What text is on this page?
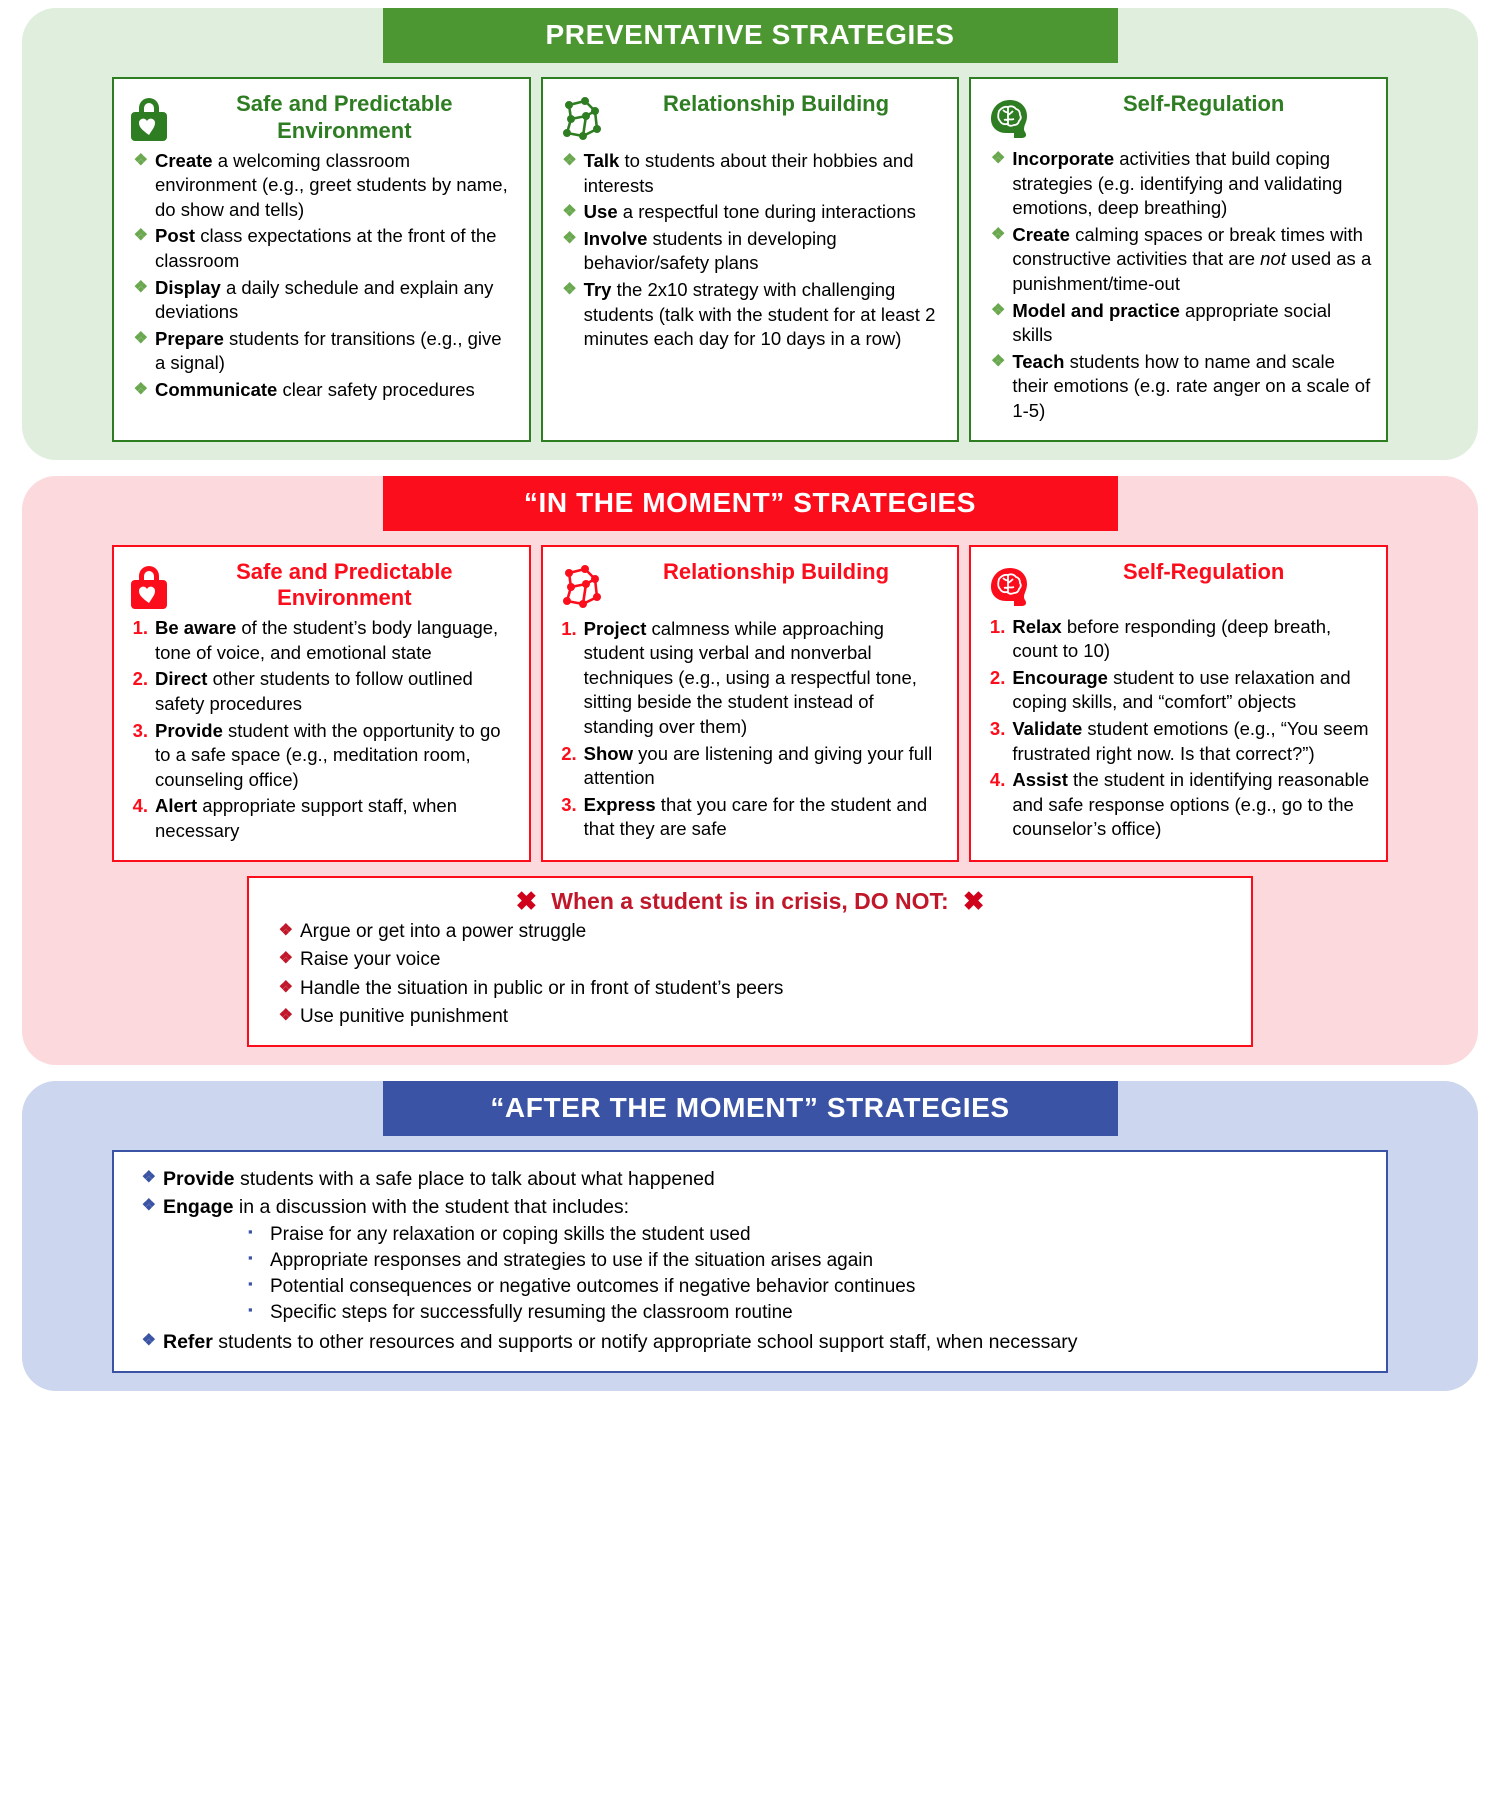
PREVENTATIVE STRATEGIES
Safe and Predictable Environment
❖ Create a welcoming classroom environment (e.g., greet students by name, do show and tells)
❖ Post class expectations at the front of the classroom
❖ Display a daily schedule and explain any deviations
❖ Prepare students for transitions (e.g., give a signal)
❖ Communicate clear safety procedures
Relationship Building
❖ Talk to students about their hobbies and interests
❖ Use a respectful tone during interactions
❖ Involve students in developing behavior/safety plans
❖ Try the 2x10 strategy with challenging students (talk with the student for at least 2 minutes each day for 10 days in a row)
Self-Regulation
❖ Incorporate activities that build coping strategies (e.g. identifying and validating emotions, deep breathing)
❖ Create calming spaces or break times with constructive activities that are not used as a punishment/time-out
❖ Model and practice appropriate social skills
❖ Teach students how to name and scale their emotions (e.g. rate anger on a scale of 1-5)
“IN THE MOMENT” STRATEGIES
Safe and Predictable Environment
1. Be aware of the student’s body language, tone of voice, and emotional state
2. Direct other students to follow outlined safety procedures
3. Provide student with the opportunity to go to a safe space (e.g., meditation room, counseling office)
4. Alert appropriate support staff, when necessary
Relationship Building
1. Project calmness while approaching student using verbal and nonverbal techniques (e.g., using a respectful tone, sitting beside the student instead of standing over them)
2. Show you are listening and giving your full attention
3. Express that you care for the student and that they are safe
Self-Regulation
1. Relax before responding (deep breath, count to 10)
2. Encourage student to use relaxation and coping skills, and “comfort” objects
3. Validate student emotions (e.g., “You seem frustrated right now. Is that correct?”)
4. Assist the student in identifying reasonable and safe response options (e.g., go to the counselor’s office)
✖ When a student is in crisis, DO NOT: ✖
❖ Argue or get into a power struggle
❖ Raise your voice
❖ Handle the situation in public or in front of student’s peers
❖ Use punitive punishment
“AFTER THE MOMENT” STRATEGIES
❖ Provide students with a safe place to talk about what happened
❖ Engage in a discussion with the student that includes:
▪ Praise for any relaxation or coping skills the student used
▪ Appropriate responses and strategies to use if the situation arises again
▪ Potential consequences or negative outcomes if negative behavior continues
▪ Specific steps for successfully resuming the classroom routine
❖ Refer students to other resources and supports or notify appropriate school support staff, when necessary
